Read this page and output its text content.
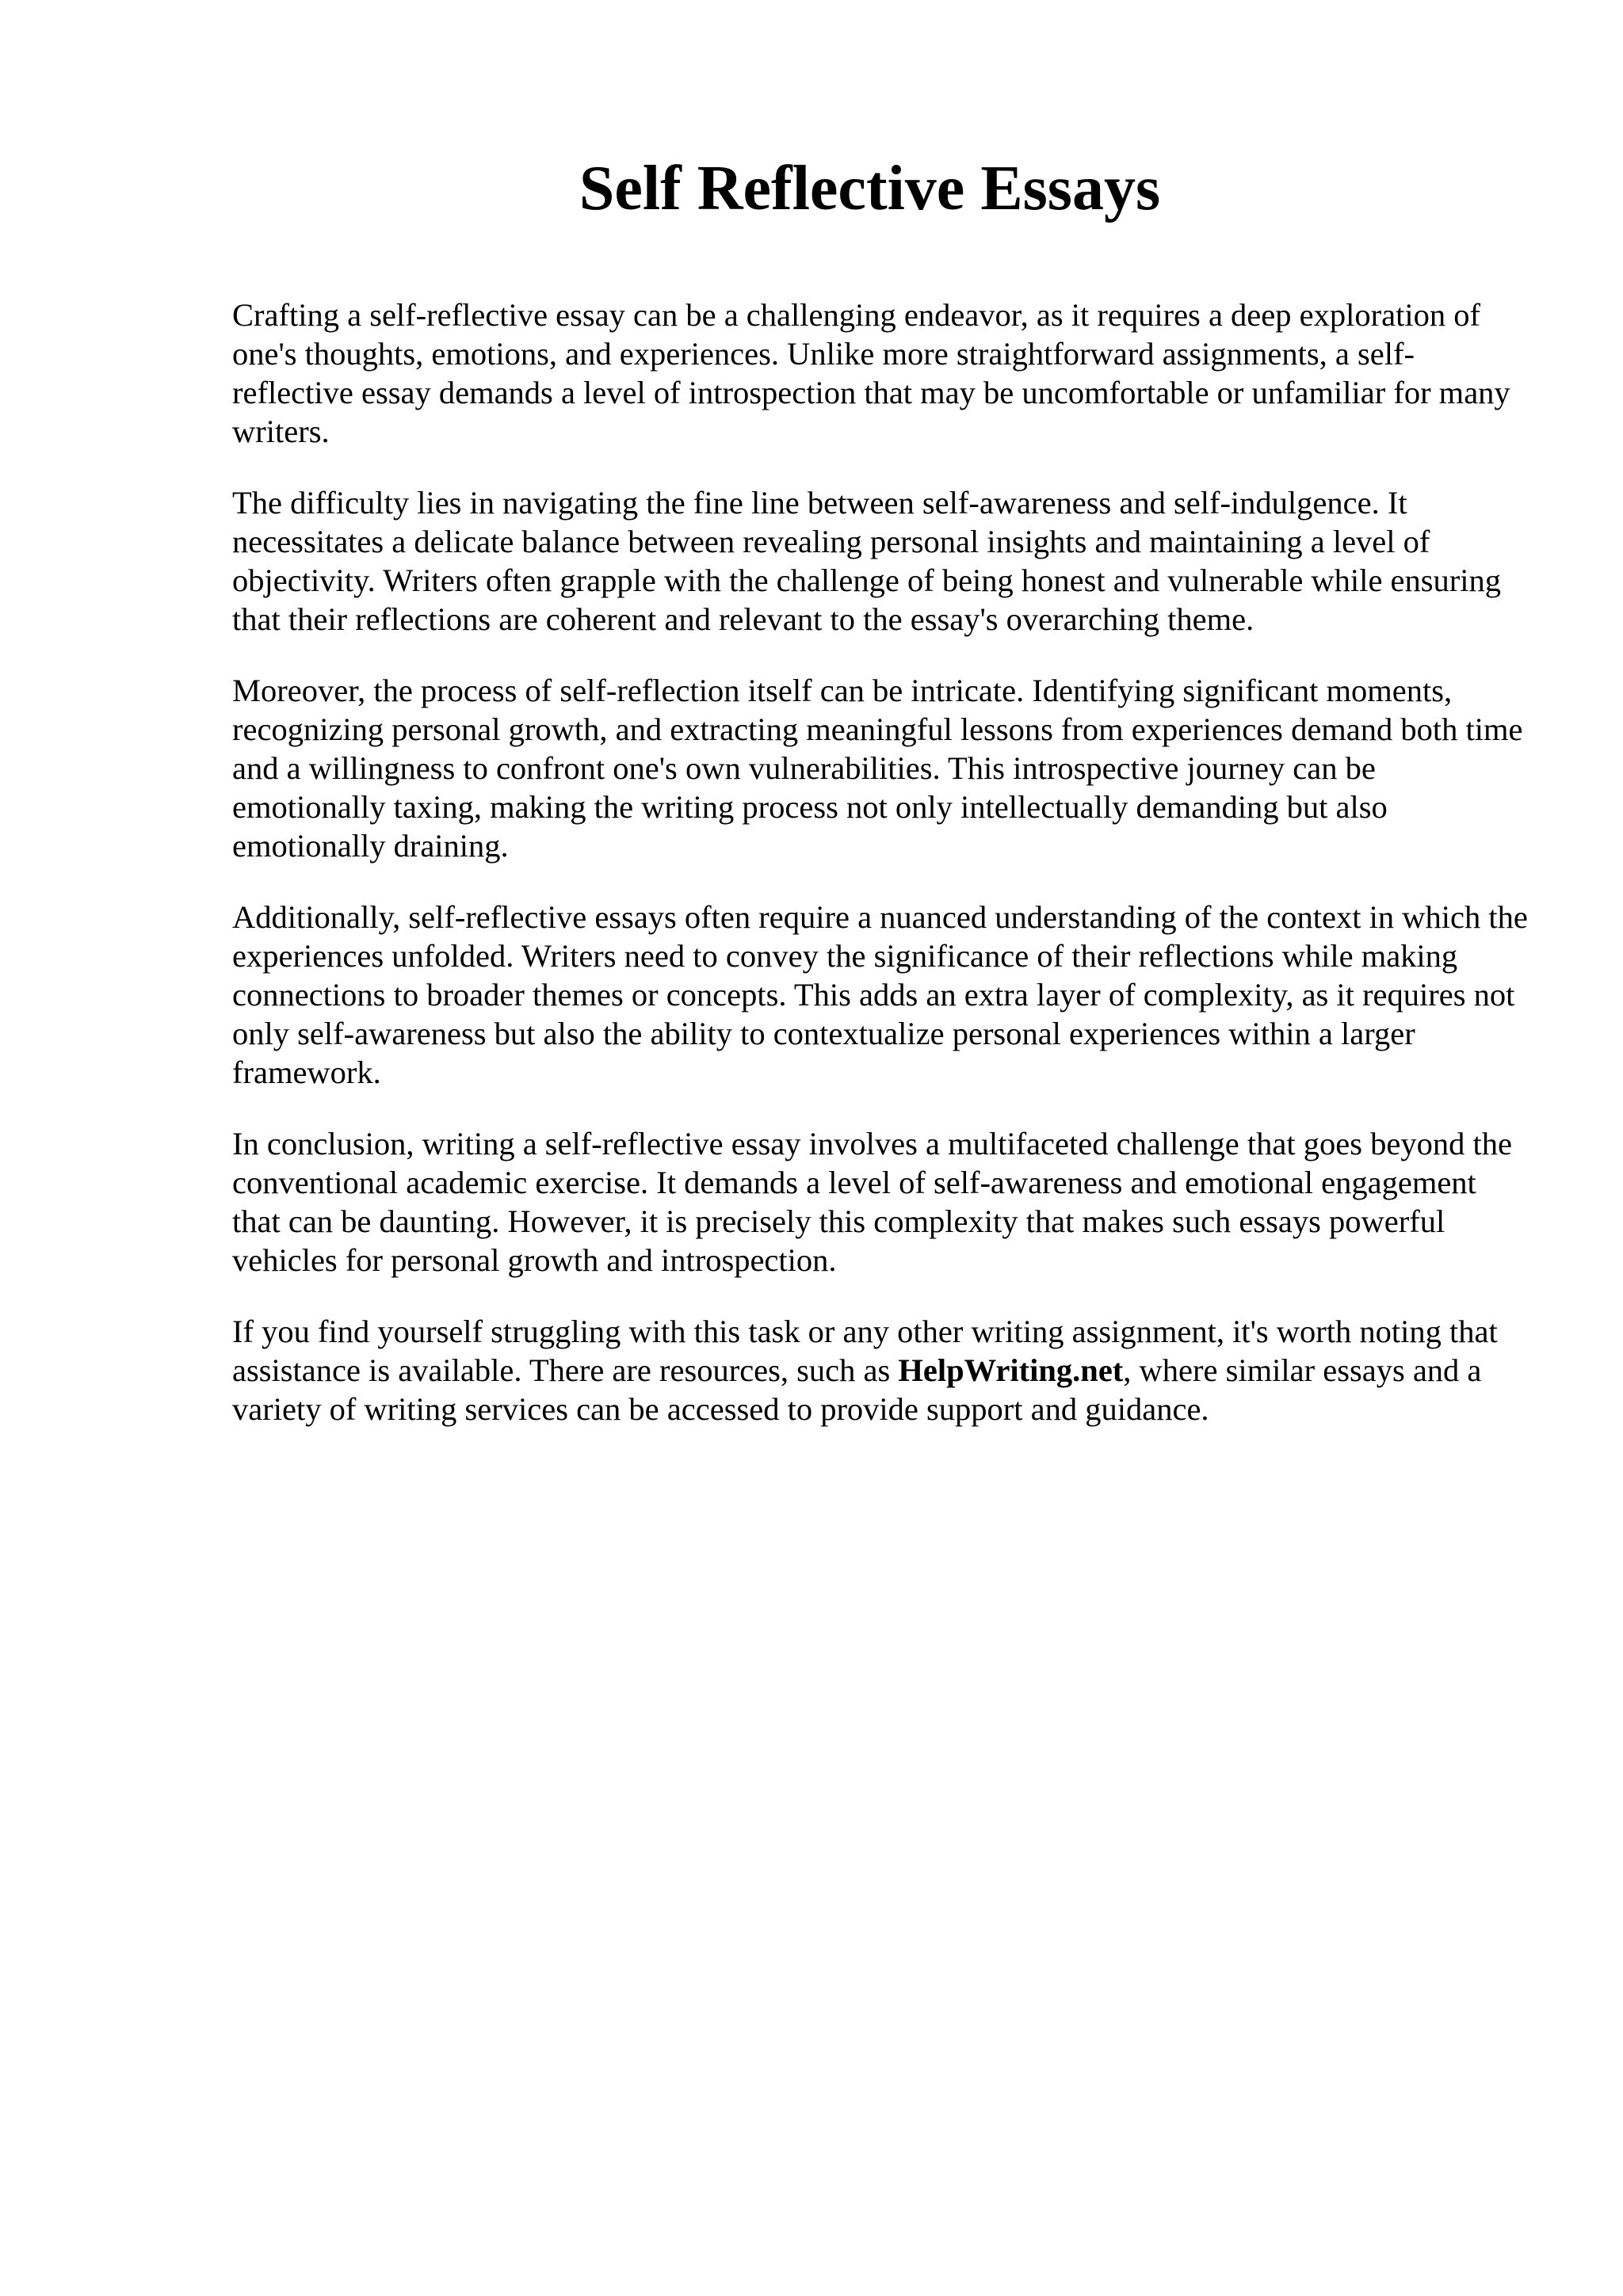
Self Reflective Essays

Crafting a self-reflective essay can be a challenging endeavor, as it requires a deep exploration of one's thoughts, emotions, and experiences. Unlike more straightforward assignments, a self-reflective essay demands a level of introspection that may be uncomfortable or unfamiliar for many writers.

The difficulty lies in navigating the fine line between self-awareness and self-indulgence. It necessitates a delicate balance between revealing personal insights and maintaining a level of objectivity. Writers often grapple with the challenge of being honest and vulnerable while ensuring that their reflections are coherent and relevant to the essay's overarching theme.

Moreover, the process of self-reflection itself can be intricate. Identifying significant moments, recognizing personal growth, and extracting meaningful lessons from experiences demand both time and a willingness to confront one's own vulnerabilities. This introspective journey can be emotionally taxing, making the writing process not only intellectually demanding but also emotionally draining.

Additionally, self-reflective essays often require a nuanced understanding of the context in which the experiences unfolded. Writers need to convey the significance of their reflections while making connections to broader themes or concepts. This adds an extra layer of complexity, as it requires not only self-awareness but also the ability to contextualize personal experiences within a larger framework.

In conclusion, writing a self-reflective essay involves a multifaceted challenge that goes beyond the conventional academic exercise. It demands a level of self-awareness and emotional engagement that can be daunting. However, it is precisely this complexity that makes such essays powerful vehicles for personal growth and introspection.

If you find yourself struggling with this task or any other writing assignment, it's worth noting that assistance is available. There are resources, such as HelpWriting.net, where similar essays and a variety of writing services can be accessed to provide support and guidance.
